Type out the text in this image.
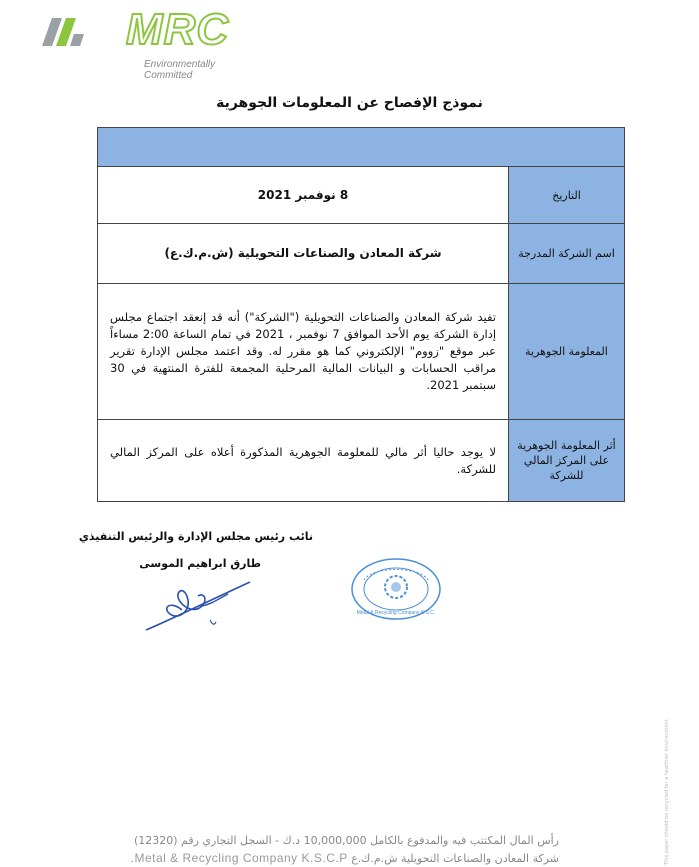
MRC
Environmentally Committed
نموذج الإفصاح عن المعلومات الجوهرية

التاريخ	8 نوفمبر 2021
اسم الشركة المدرجة	شركة المعادن والصناعات التحويلية (ش.م.ك.ع)
المعلومة الجوهرية	تفيد شركة المعادن والصناعات التحويلية ("الشركة") أنه قد إنعقد اجتماع مجلس إدارة الشركة يوم الأحد الموافق 7 نوفمبر ، 2021 في تمام الساعة 2:00 مساءاً عبر موقع "زووم" الإلكتروني كما هو مقرر له. وقد اعتمد مجلس الإدارة تقرير مراقب الحسابات و البيانات المالية المرحلية المجمعة للفترة المنتهية في 30 سبتمبر 2021.
أثر المعلومة الجوهرية على المركز المالي للشركة	لا يوجد حاليا أثر مالي للمعلومة الجوهرية المذكورة أعلاه على المركز المالي للشركة.
نائب رئيس مجلس الإدارة والرئيس التنفيذي
طارق ابراهيم الموسى
Metal & Recycling Company K.S.C.
This paper should be recycled for a healthier environment.
رأس المال المكتتب فيه والمدفوع بالكامل 10,000,000 د.ك - السجل التجاري رقم (12320)
شركة المعادن والصناعات التحويلية ش.م.ك.ع Metal & Recycling Company K.S.C.P.
